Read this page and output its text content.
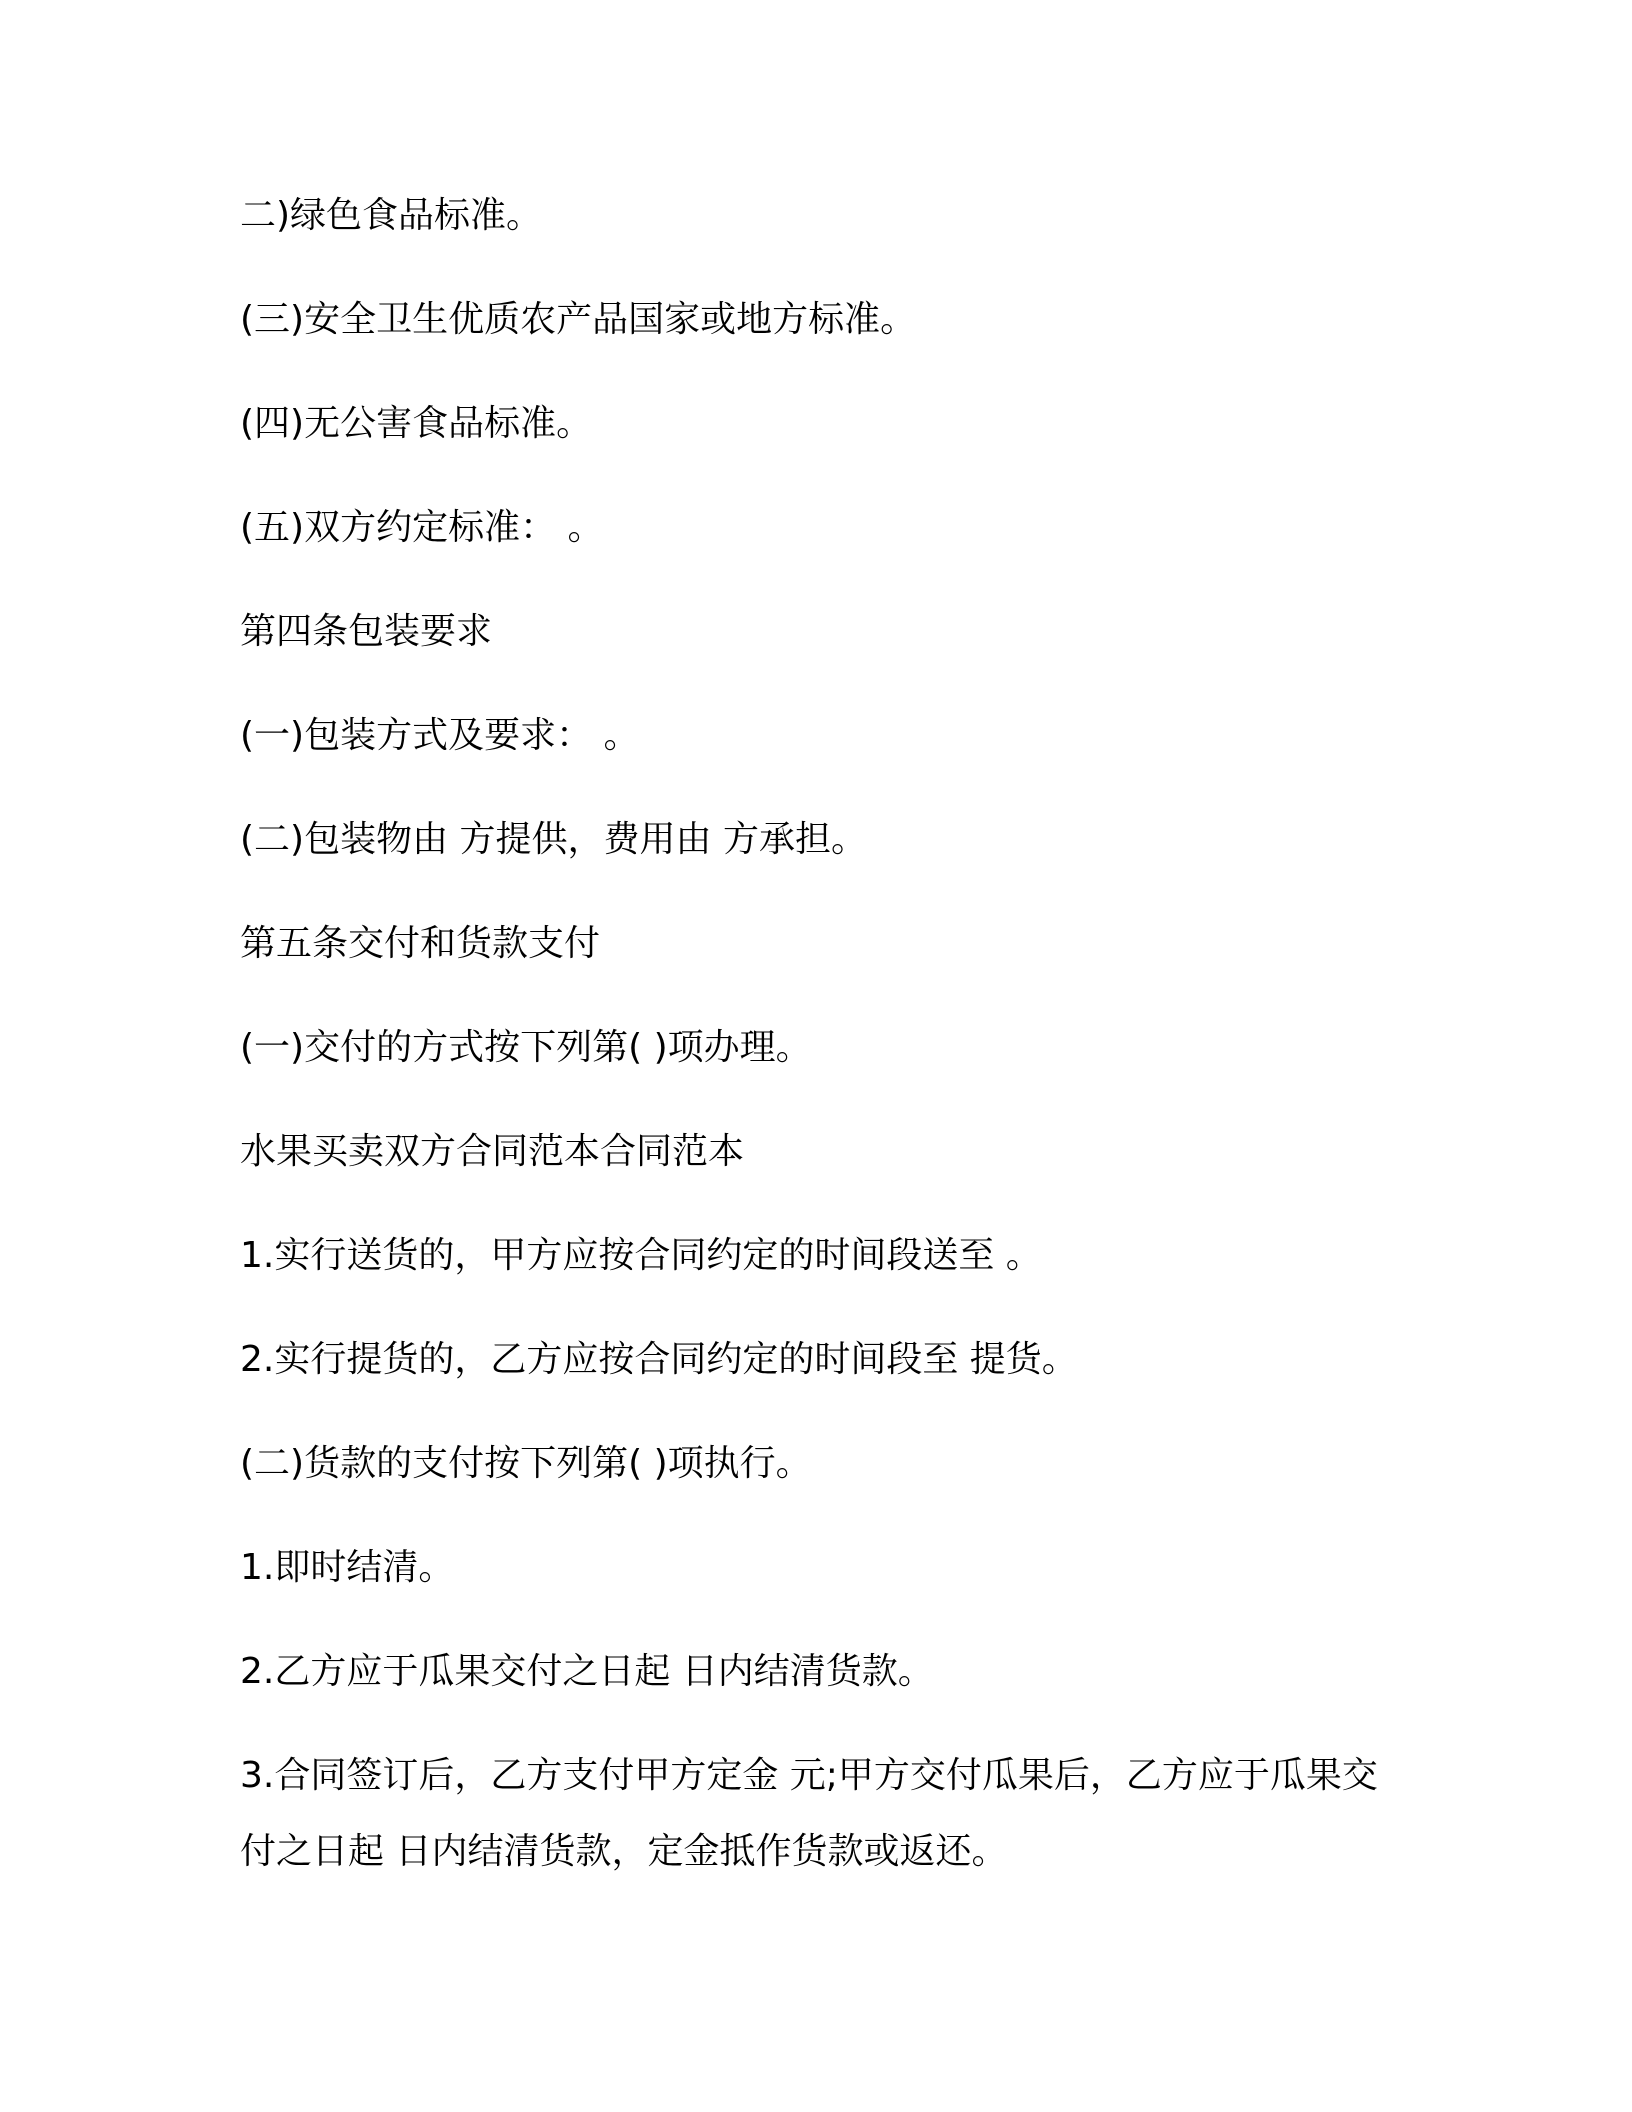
二)绿色食品标准。

(三)安全卫生优质农产品国家或地方标准。

(四)无公害食品标准。

(五)双方约定标准： 。

第四条包装要求

(一)包装方式及要求： 。

(二)包装物由 方提供，费用由 方承担。

第五条交付和货款支付

(一)交付的方式按下列第( )项办理。

水果买卖双方合同范本合同范本

1.实行送货的，甲方应按合同约定的时间段送至 。

2.实行提货的，乙方应按合同约定的时间段至 提货。

(二)货款的支付按下列第( )项执行。

1.即时结清。

2.乙方应于瓜果交付之日起 日内结清货款。

3.合同签订后，乙方支付甲方定金 元;甲方交付瓜果后，乙方应于瓜果交付之日起 日内结清货款，定金抵作货款或返还。
